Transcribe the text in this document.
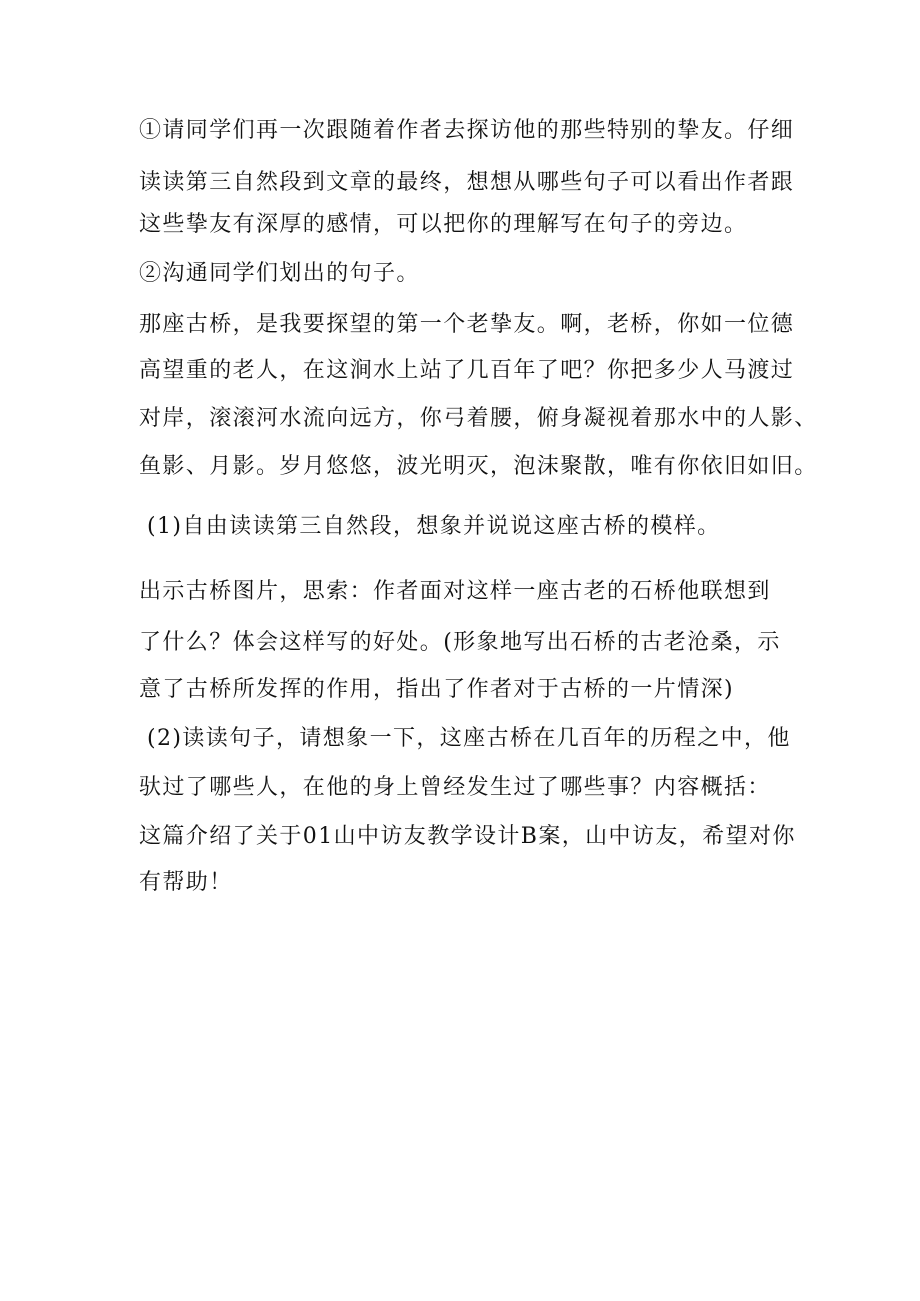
①请同学们再一次跟随着作者去探访他的那些特别的挚友。仔细
读读第三自然段到文章的最终，想想从哪些句子可以看出作者跟
这些挚友有深厚的感情，可以把你的理解写在句子的旁边。
②沟通同学们划出的句子。
那座古桥，是我要探望的第一个老挚友。啊，老桥，你如一位德
高望重的老人，在这涧水上站了几百年了吧？你把多少人马渡过
对岸，滚滚河水流向远方，你弓着腰，俯身凝视着那水中的人影、
鱼影、月影。岁月悠悠，波光明灭，泡沫聚散，唯有你依旧如旧。
(1)自由读读第三自然段，想象并说说这座古桥的模样。
出示古桥图片，思索：作者面对这样一座古老的石桥他联想到
了什么？体会这样写的好处。(形象地写出石桥的古老沧桑，示
意了古桥所发挥的作用，指出了作者对于古桥的一片情深)
(2)读读句子，请想象一下，这座古桥在几百年的历程之中，他
驮过了哪些人，在他的身上曾经发生过了哪些事？内容概括：
这篇介绍了关于01山中访友教学设计B案，山中访友，希望对你
有帮助！
